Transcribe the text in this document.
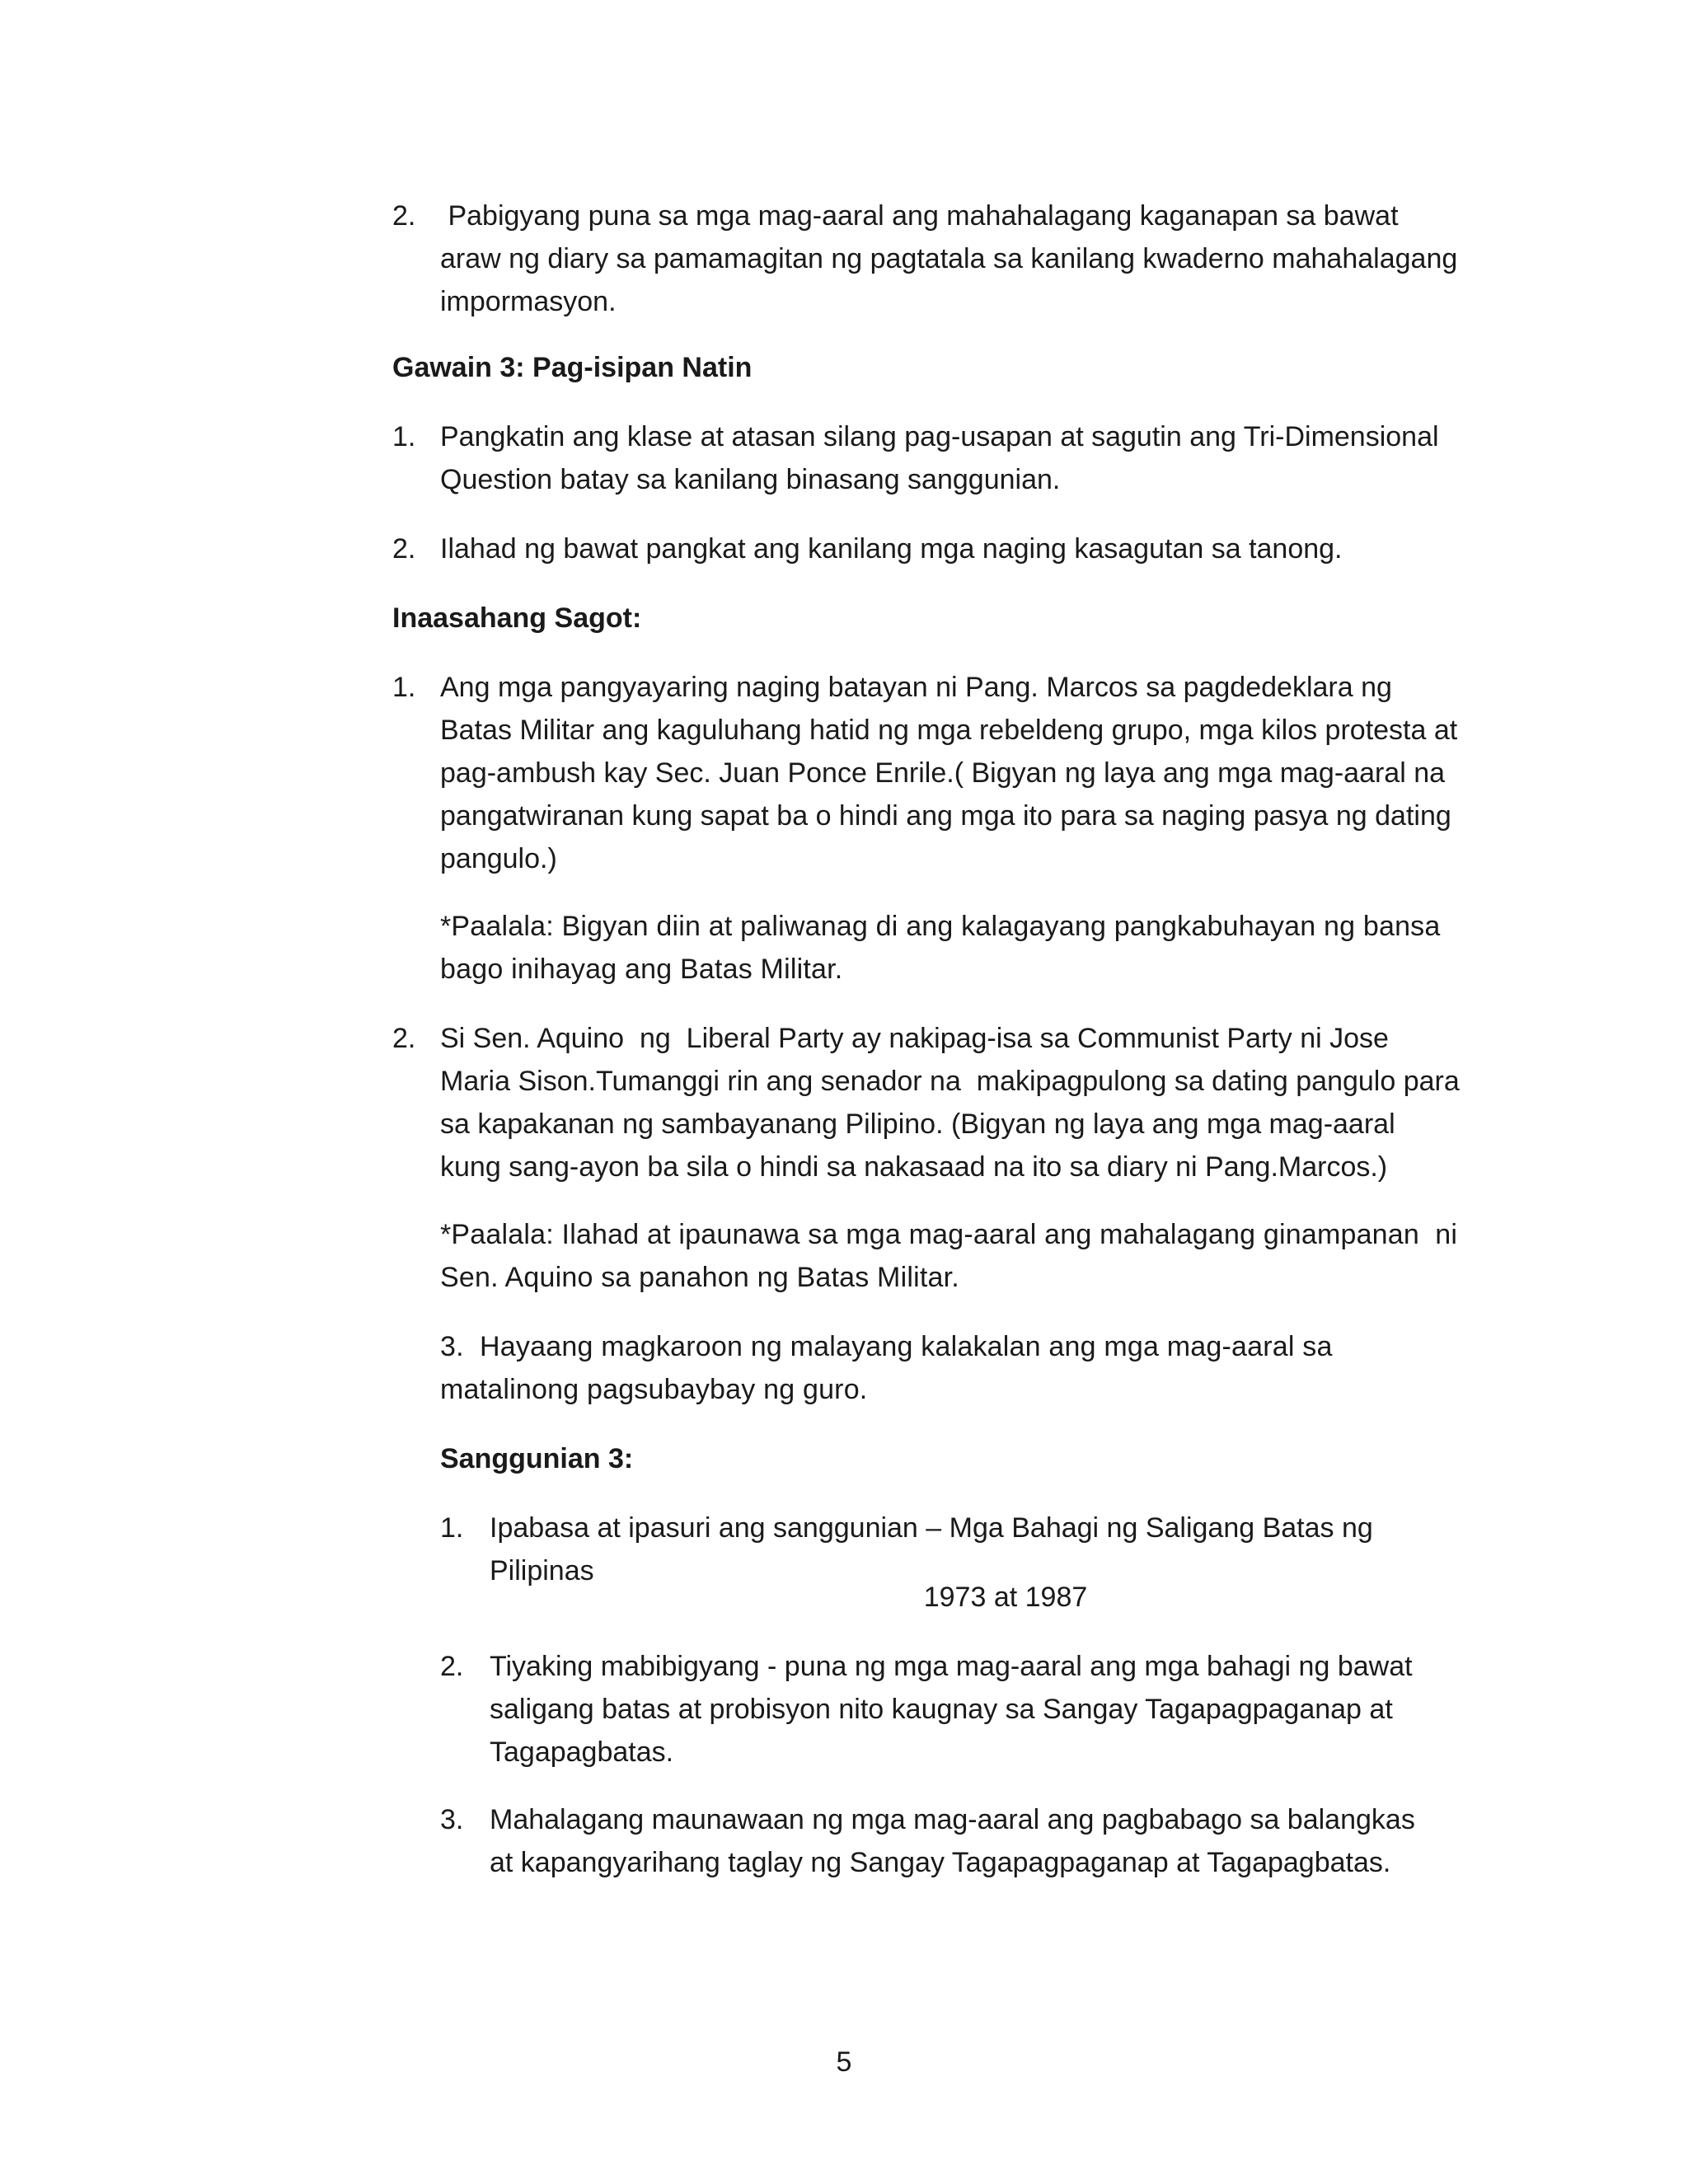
2. Pabigyang puna sa mga mag-aaral ang mahahalagang kaganapan sa bawat araw ng diary sa pamamagitan ng pagtatala sa kanilang kwaderno mahahalagang impormasyon.
Gawain 3: Pag-isipan Natin
1. Pangkatin ang klase at atasan silang pag-usapan at sagutin ang Tri-Dimensional Question batay sa kanilang binasang sanggunian.
2. Ilahad ng bawat pangkat ang kanilang mga naging kasagutan sa tanong.
Inaasahang Sagot:
1. Ang mga pangyayaring naging batayan ni Pang. Marcos sa pagdedeklara ng Batas Militar ang kaguluhang hatid ng mga rebeldeng grupo, mga kilos protesta at pag-ambush kay Sec. Juan Ponce Enrile.( Bigyan ng laya ang mga mag-aaral na pangatwiranan kung sapat ba o hindi ang mga ito para sa naging pasya ng dating pangulo.)
*Paalala: Bigyan diin at paliwanag di ang kalagayang pangkabuhayan ng bansa bago inihayag ang Batas Militar.
2. Si Sen. Aquino  ng  Liberal Party ay nakipag-isa sa Communist Party ni Jose Maria Sison.Tumanggi rin ang senador na  makipagpulong sa dating pangulo para sa kapakanan ng sambayanang Pilipino. (Bigyan ng laya ang mga mag-aaral kung sang-ayon ba sila o hindi sa nakasaad na ito sa diary ni Pang.Marcos.)
*Paalala: Ilahad at ipaunawa sa mga mag-aaral ang mahalagang ginampanan  ni Sen. Aquino sa panahon ng Batas Militar.
3.  Hayaang magkaroon ng malayang kalakalan ang mga mag-aaral sa matalinong pagsubaybay ng guro.
Sanggunian 3:
1. Ipabasa at ipasuri ang sanggunian – Mga Bahagi ng Saligang Batas ng Pilipinas
1973 at 1987
2. Tiyaking mabibigyang - puna ng mga mag-aaral ang mga bahagi ng bawat saligang batas at probisyon nito kaugnay sa Sangay Tagapagpaganap at Tagapagbatas.
3. Mahalagang maunawaan ng mga mag-aaral ang pagbabago sa balangkas at kapangyarihang taglay ng Sangay Tagapagpaganap at Tagapagbatas.
5
